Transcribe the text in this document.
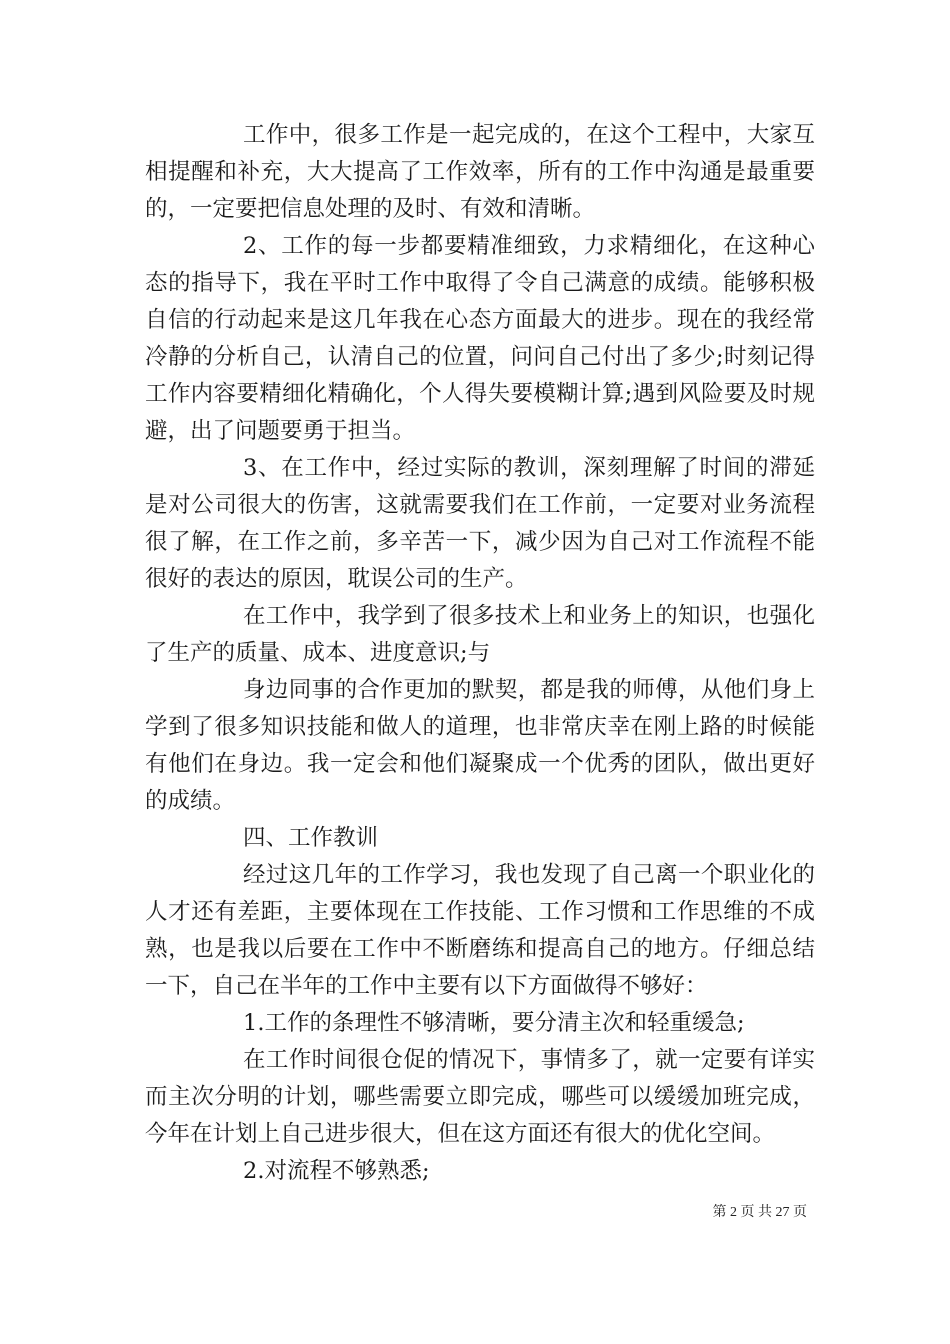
工作中，很多工作是一起完成的，在这个工程中，大家互相提醒和补充，大大提高了工作效率，所有的工作中沟通是最重要的，一定要把信息处理的及时、有效和清晰。

2、工作的每一步都要精准细致，力求精细化，在这种心态的指导下，我在平时工作中取得了令自己满意的成绩。能够积极自信的行动起来是这几年我在心态方面最大的进步。现在的我经常冷静的分析自己，认清自己的位置，问问自己付出了多少;时刻记得工作内容要精细化精确化，个人得失要模糊计算;遇到风险要及时规避，出了问题要勇于担当。

3、在工作中，经过实际的教训，深刻理解了时间的滞延是对公司很大的伤害，这就需要我们在工作前，一定要对业务流程很了解，在工作之前，多辛苦一下，减少因为自己对工作流程不能很好的表达的原因，耽误公司的生产。

在工作中，我学到了很多技术上和业务上的知识，也强化了生产的质量、成本、进度意识;与

身边同事的合作更加的默契，都是我的师傅，从他们身上学到了很多知识技能和做人的道理，也非常庆幸在刚上路的时候能有他们在身边。我一定会和他们凝聚成一个优秀的团队，做出更好的成绩。

四、工作教训

经过这几年的工作学习，我也发现了自己离一个职业化的人才还有差距，主要体现在工作技能、工作习惯和工作思维的不成熟，也是我以后要在工作中不断磨练和提高自己的地方。仔细总结一下，自己在半年的工作中主要有以下方面做得不够好：

1.工作的条理性不够清晰，要分清主次和轻重缓急;

在工作时间很仓促的情况下，事情多了，就一定要有详实而主次分明的计划，哪些需要立即完成，哪些可以缓缓加班完成，今年在计划上自己进步很大，但在这方面还有很大的优化空间。

2.对流程不够熟悉;

第 2 页 共 27 页
